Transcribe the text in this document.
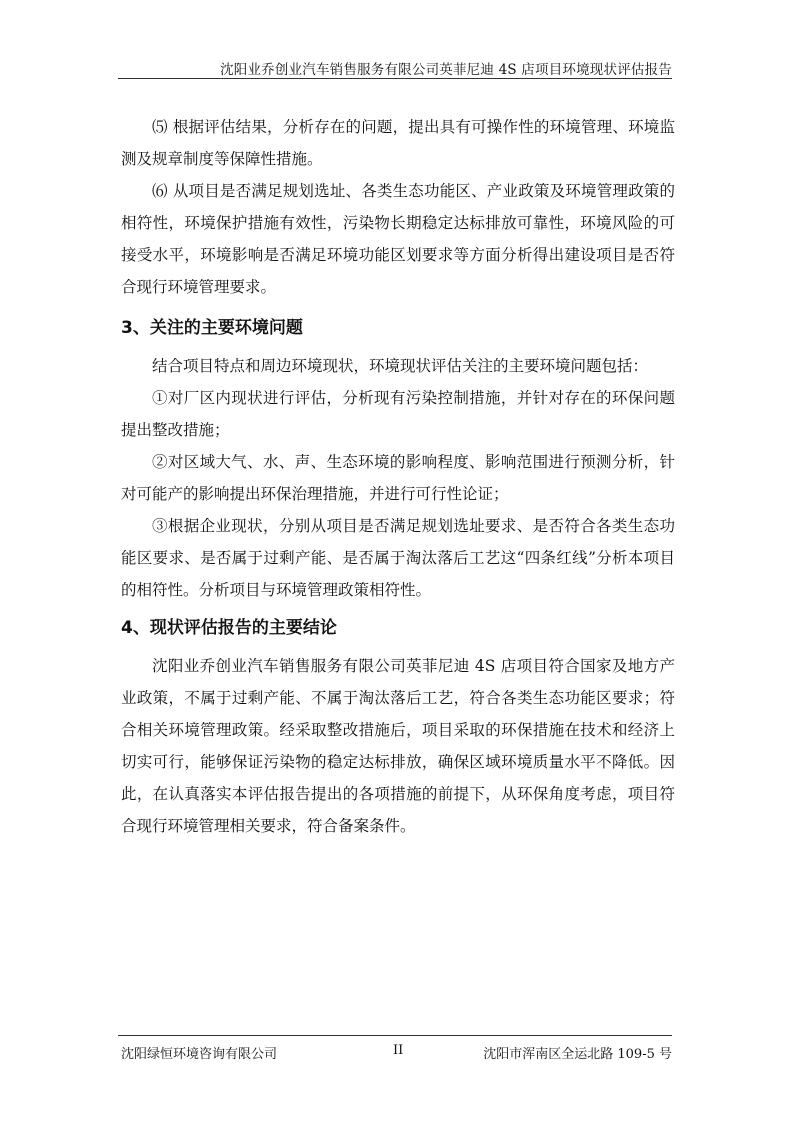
沈阳业乔创业汽车销售服务有限公司英菲尼迪 4S 店项目环境现状评估报告

⑸ 根据评估结果，分析存在的问题，提出具有可操作性的环境管理、环境监测及规章制度等保障性措施。

⑹ 从项目是否满足规划选址、各类生态功能区、产业政策及环境管理政策的相符性，环境保护措施有效性，污染物长期稳定达标排放可靠性，环境风险的可接受水平，环境影响是否满足环境功能区划要求等方面分析得出建设项目是否符合现行环境管理要求。

3、关注的主要环境问题

结合项目特点和周边环境现状，环境现状评估关注的主要环境问题包括：

①对厂区内现状进行评估，分析现有污染控制措施，并针对存在的环保问题提出整改措施；

②对区域大气、水、声、生态环境的影响程度、影响范围进行预测分析，针对可能产的影响提出环保治理措施，并进行可行性论证；

③根据企业现状，分别从项目是否满足规划选址要求、是否符合各类生态功能区要求、是否属于过剩产能、是否属于淘汰落后工艺这“四条红线”分析本项目的相符性。分析项目与环境管理政策相符性。

4、现状评估报告的主要结论

沈阳业乔创业汽车销售服务有限公司英菲尼迪 4S 店项目符合国家及地方产业政策，不属于过剩产能、不属于淘汰落后工艺，符合各类生态功能区要求；符合相关环境管理政策。经采取整改措施后，项目采取的环保措施在技术和经济上切实可行，能够保证污染物的稳定达标排放，确保区域环境质量水平不降低。因此，在认真落实本评估报告提出的各项措施的前提下，从环保角度考虑，项目符合现行环境管理相关要求，符合备案条件。

沈阳绿恒环境咨询有限公司	II	沈阳市浑南区全运北路 109-5 号
